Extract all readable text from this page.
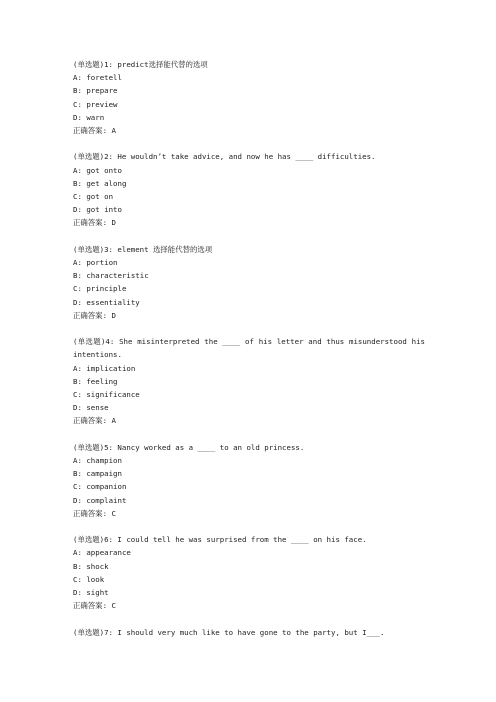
(单选题)1: predict选择能代替的选项
A: foretell
B: prepare
C: preview
D: warn
正确答案: A
(单选题)2: He wouldn’t take advice, and now he has ____ difficulties.
A: got onto
B: get along
C: got on
D: got into
正确答案: D
(单选题)3: element 选择能代替的选项
A: portion
B: characteristic
C: principle
D: essentiality
正确答案: D
(单选题)4: She misinterpreted the ____ of his letter and thus misunderstood his intentions.
A: implication
B: feeling
C: significance
D: sense
正确答案: A
(单选题)5: Nancy worked as a ____ to an old princess.
A: champion
B: campaign
C: companion
D: complaint
正确答案: C
(单选题)6: I could tell he was surprised from the ____ on his face.
A: appearance
B: shock
C: look
D: sight
正确答案: C
(单选题)7: I should very much like to have gone to the party, but I___.
